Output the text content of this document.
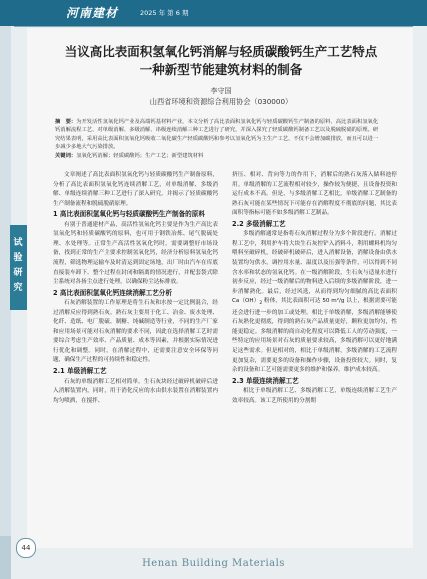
河南建材	2025 年 第 6 期
试验研究
当议高比表面积氢氧化钙消解与轻质碳酸钙生产工艺特点
一种新型节能建筑材料的制备
李守国
山西省环境和资源综合利用协会（030000）
摘　要：为开发活性氢氧化钙产业及高端钙基材料产业，本文分析了高比表面积氢氧化钙与轻质碳酸钙生产制备的原料、高比表面积氢氧化钙消解流程工艺、对单级消解、多级消解、串级连续消解三种工艺进行了研究，并深入探究了轻质碳酸钙制备工艺以及脱硫脱硝的原理。研究结果表明，采用高比表面积氢氧化钙吸收二氧化碳生产轻质碳酸钙和参考以氢氧化钙为主生产工艺，不仅不会增加碳排放，而且可以进一步减少多地大气污染排放。
关键词：氢氧化钙消解；轻质碳酸钙；生产工艺；新型建筑材料

文章阐述了高比表面积氢氧化钙与轻质碳酸钙生产制备原料，分析了高比表面积氢氧化钙连续消解工艺，对单级消解、多级消解、单级连续消解三种工艺进行了深入研究，并揭示了轻质碳酸钙生产制备流程和脱硫脱硝原理。

1 高比表面积氢氧化钙与轻质碳酸钙生产制备的原料

有别于普通建材产品，高活性氢氧化钙主要是作为生产高比表氢氧化钙和轻质碳酸钙的原料，也可用于钢铁冶炼、尾气脱硫处理、水处理等。正常生产高活性氢氧化钙时，需要调整好市场设备，找到正常的生产主要求控制氢氧化钙，经济分析原料氢氧化钙流程，筛选物理运输车及时清运到固定场地，出厂时由汽车在库底直接装车卸下。整个过程在封闭和隔离的情况进行，并配套袋式除尘系统对各扬尘点进行处理，以确保粉尘达标排放。

2 高比表面积氢氧化钙连续消解工艺分析

石灰消解装置的工作原理是将生石灰和水按一定比例混合，经过消解反应得到熟石灰。熟石灰主要用于化工、冶金、废水处理、化纤、造纸、电厂脱硫、制糖、纯碱制造等行业，不同的生产厂家和应用场景可能对石灰消解的要求不同，因此在选择消解工艺时需要综合考虑生产效率、产品质量、成本等因素，并根据实际情况进行优化和调整。同时，在消解过程中，还需要注意安全环保等问题，确保生产过程的可持续性和稳定性。

2.1 单级消解工艺

石灰的单级消解工艺相对简单。生石灰块经过破碎机破碎后进入消解装置内，同时，用于消化反应的水由供水装置在消解装置内均匀喷洒，在搅拌、

挤压、相对、背向等力的作用下，消解后的熟石灰落入储料池停用。单级消解的工艺流程相对较少，操作较为便捷，且设备投资和运行成本不高。但是，与多级消解工艺相比，单级消解工艺制备的熟石灰可能在某些情况下可能存在消解程度不彻底的问题，其比表面积等指标可能不如多级消解工艺制品。

2.2 多级消解工艺

多级消解通常是指将石灰消解过程分为多个阶段进行。消解过程工艺中，利用护车将大块生石灰控铲入消料斗，利用螺料机均匀喂料至破碎机，经破碎机破碎后，进入消解设备，消解设备由供水装置均匀供水，调控用水量、温度以及压强等条件，可以得到不同含水率和状态的氢氧化钙。在一级消解阶段，生石灰与适量水进行初步反应，经过一级消解后的物料进入后续的多级消解阶段，进一步消解熟化。最后，经过风选，从而得到均匀细腻的高比表面积 $Ca(OH)_2$ 粉体，其比表面积可达 50 m²/g 以上，根据需要可能还会进行进一步的加工或处理。相比于单级消解，多级消解能够使石灰熟化更彻底，得到的熟石灰产品质量更好，颗粒更加均匀，性能更稳定。多级消解的商自动化程度可以降低工人的劳动强度，一些特定的应用场景对石灰的质量要求较高，多级消解可以更好地满足这些需求。但是相对的，相比于单级消解，多级消解的工艺流程更加复杂，需要更多的设备和操作步骤，设备投资较大。同时，复杂的设备和工艺可能需要更多的维护和保养。维护成本较高。

2.3 单级连续消解工艺

相比于单级消解工艺、多级消解工艺，单级连续消解工艺生产效率较高。该工艺所使用的分割期

44
Henan Building Materials
